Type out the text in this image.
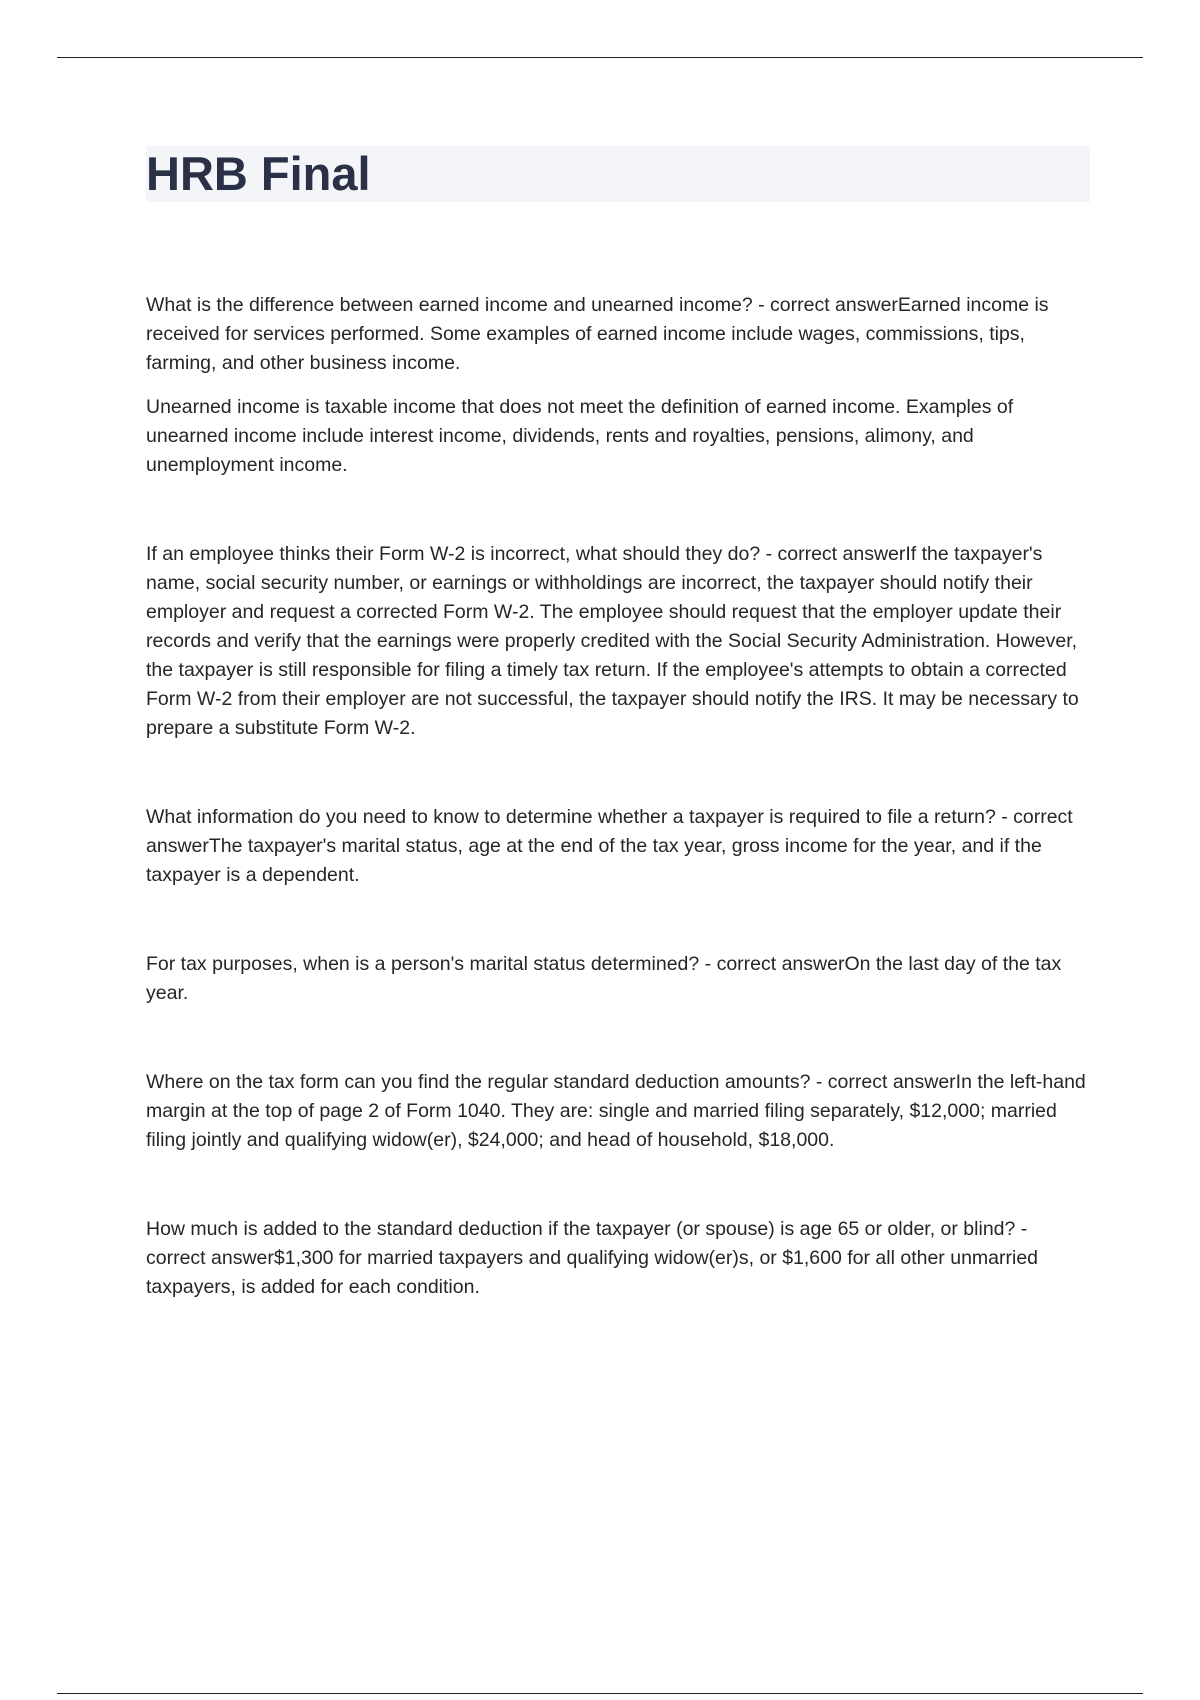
HRB Final

What is the difference between earned income and unearned income? - correct answerEarned income is received for services performed. Some examples of earned income include wages, commissions, tips, farming, and other business income.

Unearned income is taxable income that does not meet the definition of earned income. Examples of unearned income include interest income, dividends, rents and royalties, pensions, alimony, and unemployment income.

If an employee thinks their Form W-2 is incorrect, what should they do? - correct answerIf the taxpayer's name, social security number, or earnings or withholdings are incorrect, the taxpayer should notify their employer and request a corrected Form W-2. The employee should request that the employer update their records and verify that the earnings were properly credited with the Social Security Administration. However, the taxpayer is still responsible for filing a timely tax return. If the employee's attempts to obtain a corrected Form W-2 from their employer are not successful, the taxpayer should notify the IRS. It may be necessary to prepare a substitute Form W-2.

What information do you need to know to determine whether a taxpayer is required to file a return? - correct answerThe taxpayer's marital status, age at the end of the tax year, gross income for the year, and if the taxpayer is a dependent.

For tax purposes, when is a person's marital status determined? - correct answerOn the last day of the tax year.

Where on the tax form can you find the regular standard deduction amounts? - correct answerIn the left-hand margin at the top of page 2 of Form 1040. They are: single and married filing separately, $12,000; married filing jointly and qualifying widow(er), $24,000; and head of household, $18,000.

How much is added to the standard deduction if the taxpayer (or spouse) is age 65 or older, or blind? - correct answer$1,300 for married taxpayers and qualifying widow(er)s, or $1,600 for all other unmarried taxpayers, is added for each condition.
